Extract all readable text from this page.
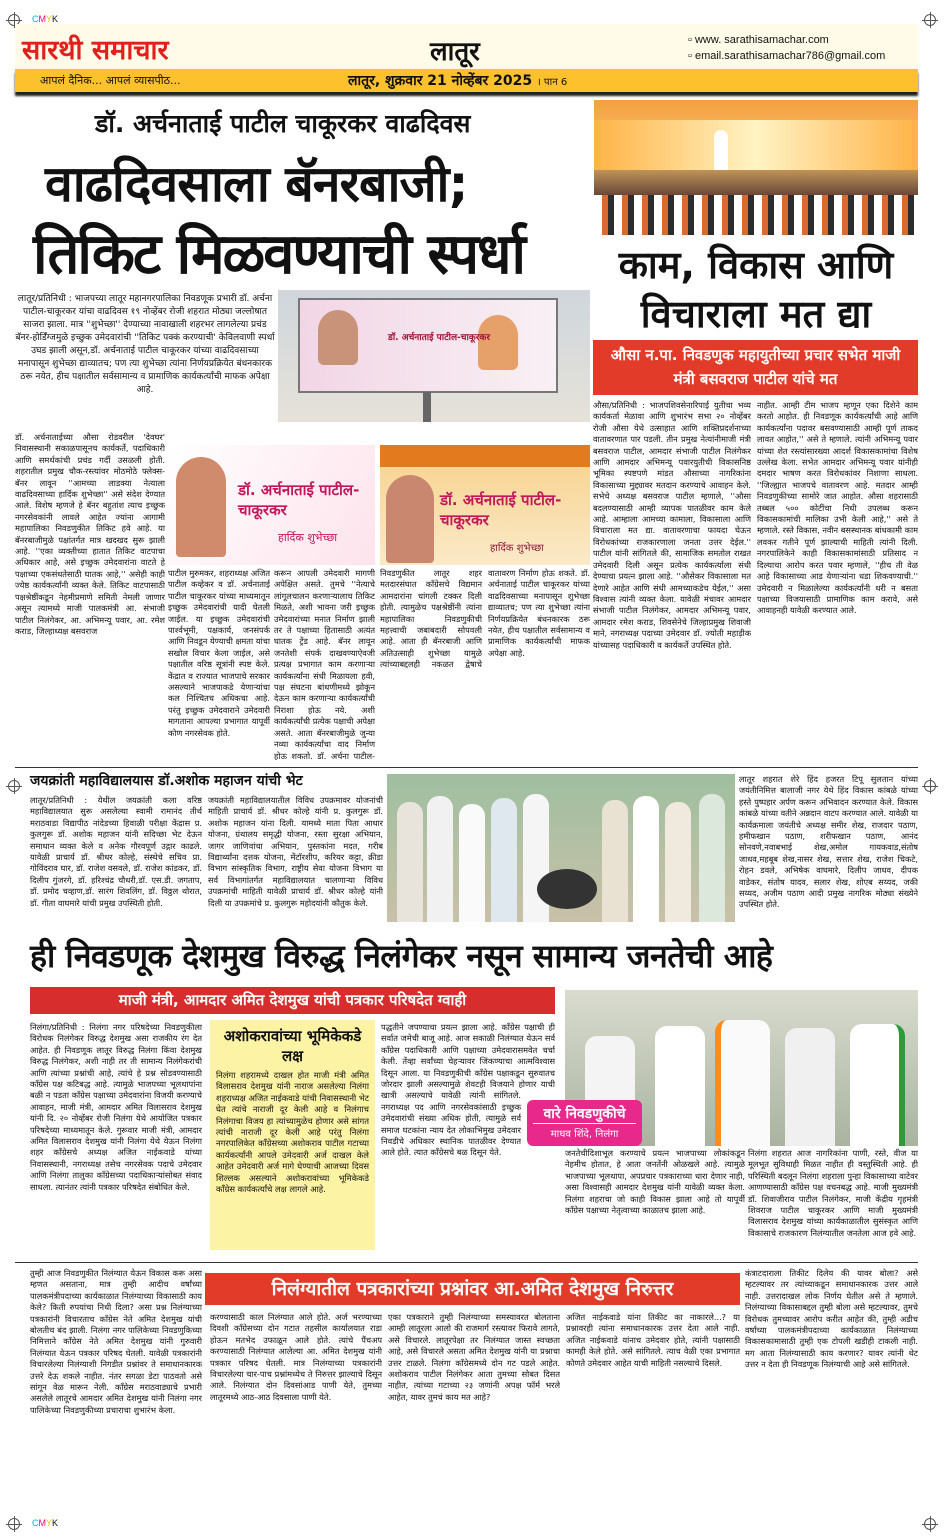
CMYK
CMYK
सारथी समाचार	लातूर	▫ www. sarathisamachar.com
▫ email.sarathisamachar786@gmail.com
आपलं दैनिक... आपलं व्यासपीठ...	लातूर, शुक्रवार 21 नोव्हेंबर 2025 । पान 6
डॉ. अर्चनाताई पाटील चाकूरकर वाढदिवस
वाढदिवसाला बॅनरबाजी;
तिकिट मिळवण्याची स्पर्धा
लातूर/प्रतिनिधी : भाजपच्या लातूर महानगरपालिका निवडणूक प्रभारी डॉ. अर्चना पाटील-चाकूरकर यांचा वाढदिवस १९ नोव्हेंबर रोजी शहरात मोठ्या जल्लोषात साजरा झाला. मात्र ''शुभेच्छा'' देण्याच्या नावाखाली शहरभर लागलेल्या प्रचंड बॅनर-होर्डिंग्जमुळे इच्छुक उमेदवारांची ''तिकिट पक्कं करण्याची' केविलवाणी स्पर्धा उघड झाली असून,डॉ. अर्चनाताई पाटील चाकूरकर यांच्या वाढदिवसाच्या मनापासून शुभेच्छा द्याव्यातच; पण त्या शुभेच्छा त्यांना निर्णयप्रक्रियेत बंधनकारक ठरू नयेत, हीच पक्षातील सर्वसामान्य व प्रामाणिक कार्यकर्त्यांची माफक अपेक्षा आहे.
डॉ. अर्चनाताई पाटील-चाकूरकर
डॉ. अर्चनाताई पाटील-चाकूरकर
हार्दिक शुभेच्छा
डॉ. अर्चनाताई पाटील-चाकूरकर
हार्दिक शुभेच्छा
डॉ. अर्चनाताईच्या औसा रोडवरील 'देवघर' निवासस्थानी सकाळपासूनच कार्यकर्ते, पदाधिकारी आणि समर्थकांची प्रचंड गर्दी उसळली होती. शहरातील प्रमुख चौक-रस्त्यांवर मोठमोठे फ्लेक्स-बॅनर लावून ''आमच्या लाडक्या नेत्याला वाढदिवसाच्या हार्दिक शुभेच्छा'' असे संदेश देण्यात आले. विशेष म्हणजे हे बॅनर बहुतांश त्याच इच्छुक नगरसेवकांनी लावले आहेत ज्यांना आगामी महापालिका निवडणुकीत तिकिट हवे आहे. या बॅनरबाजीमुळे पक्षांतर्गत मात्र खदखद सुरू झाली आहे. ''एका व्यक्तीच्या हातात तिकिट वाटपाचा अधिकार आहे, असे इच्छुक उमेदवारांना वाटते हे पक्षाच्या एकसंधतेसाठी घातक आहे,'' असेही काही ज्येष्ठ कार्यकर्त्यांनी व्यक्त केले. तिकिट वाटपासाठी पक्षश्रेष्ठींकडून नेहमीप्रमाणे समिती नेमली जाणार असून त्यामध्ये माजी पालकमंत्री आ. संभाजी पाटील निलंगेकर, आ. अभिमन्यू पवार, आ. रमेश कराड, जिल्हाध्यक्ष बसवराज
पाटील मुरुमकर, शहराध्यक्ष अजित पाटील कव्हेकर व डॉ. अर्चनाताई पाटील चाकूरकर यांच्या माध्यमातून इच्छुक उमेदवारांची यादी घेतली जाईल. या इच्छुक उमेदवारांची पार्श्वभूमी, पक्षकार्य, जनसंपर्क आणि निवडून येण्याची क्षमता यांचा सखोल विचार केला जाईल, असे पक्षातील वरिष्ठ सूत्रांनी स्पष्ट केले. केंद्रात व राज्यात भाजपाचे सरकार असल्याने भाजपाकडे येणाऱ्यांचा कल निश्चितच अधिकचा आहे. परंतु इच्छुक उमेदवाराने उमेदवारी मागताना आपल्या प्रभागात यापूर्वी कोण नगरसेवक होते.
करून आपली उमेदवारी मागणी अपेक्षित असते. तुमचे ''नेत्याचे लांगूलचालन करणाऱ्यालाच तिकिट मिळते, अशी भावना जरी इच्छुक उमेदवारांच्या मनात निर्माण झाली तर ते पक्षाच्या हितासाठी अत्यंत घातक ट्रेंड आहे. बॅनर लावून जनतेशी संपर्क दाखवण्याऐवजी प्रत्यक्ष प्रभागात काम करणाऱ्या कार्यकर्त्यांना संधी मिळायला हवी, पक्ष संघटना बांधणीमध्ये झोकून देऊन काम करणाऱ्या कार्यकर्त्यांची निराशा होऊ नये. अशी कार्यकर्त्यांची प्रत्येक पक्षाची अपेक्षा असते. आता बॅनरबाजीमुळे जुन्या नव्या कार्यकर्त्यांचा वाद निर्माण होऊ शकतो. डॉ. अर्चना पाटील-
निवडणुकीत लातूर शहर मतदारसंघात काँग्रेसचे विद्यमान आमदारांना चांगली टक्कर दिली होती. त्यामुळेच पक्षश्रेष्ठींनी त्यांना महापालिका निवडणुकीची महत्त्वाची जबाबदारी सोपवली आहे. आता ही बॅनरबाजी आणि अतिउत्साही शुभेच्छा यामुळे त्यांच्याबद्दलही नकळत द्वेषाचे वातावरण निर्माण होऊ शकते. डॉ. अर्चनाताई पाटील चाकूरकर यांच्या वाढदिवसाच्या मनापासून शुभेच्छा द्याव्यातच; पण त्या शुभेच्छा त्यांना निर्णयप्रक्रियेत बंधनकारक ठरू नयेत, हीच पक्षातील सर्वसामान्य व प्रामाणिक कार्यकर्त्यांची माफक अपेक्षा आहे.
काम, विकास आणि
विचाराला मत द्या
औसा न.पा. निवडणुक महायुतीच्या प्रचार सभेत माजी मंत्री बसवराज पाटील यांचे मत
औसा/प्रतिनिधी : भाजपशिवसेनारिपाई युतीचा भव्य कार्यकर्ता मेळावा आणि शुभारंभ सभा २० नोव्हेंबर रोजी औसा येथे उत्साहात आणि शक्तिप्रदर्शनाच्या वातावरणात पार पडली. तीन प्रमुख नेत्यांनीमाजी मंत्री बसवराज पाटील, आमदार संभाजी पाटील निलंगेकर आणि आमदार अभिमन्यू पवारयुतीची विकासनिष्ठ भूमिका स्पष्टपणे मांडत औसाच्या नागरिकांना विकासाच्या मुद्द्यावर मतदान करण्याचे आवाहन केले. सभेचे अध्यक्ष बसवराज पाटील म्हणाले, ''औसा बदलण्यासाठी आम्ही व्यापक पातळीवर काम केले आहे. आम्हाला आमच्या कामाला, विकासाला आणि विचाराला मत द्या. वातावरणाचा फायदा घेऊन विरोधकांच्या राजकारणाला जनता उत्तर देईल.'' पाटील यांनी सांगितले की, सामाजिक समतोल राखत उमेदवारी दिली असून प्रत्येक कार्यकर्त्याला संधी देण्याचा प्रयत्न झाला आहे. ''औसेकर विकासाला मत देणारे आहेत आणि संधी आमच्याकडेच येईल,'' असा विश्वास त्यांनी व्यक्त केला. यावेळी मंचावर आमदार संभाजी पाटील निलंगेकर, आमदार अभिमन्यू पवार, आमदार रमेश कराड, शिवसेनेचे जिल्हाप्रमुख शिवाजी माने, नगराध्यक्ष पदाच्या उमेदवार डॉ. ज्योती महाड़ीक यांच्यासह पदाधिकारी व कार्यकर्ते उपस्थित होते.
नाहीत. आम्ही टीम भाजप म्हणून एका दिशेने काम करतो आहोत. ही निवडणूक कार्यकर्त्यांची आहे आणि कार्यकर्त्यांना पदावर बसवण्यासाठी आम्ही पूर्ण ताकद लावत आहोत,'' असे ते म्हणाले. त्यांनी अभिमन्यू पवार यांच्या शेत रस्त्यांसारख्या आदर्श विकासकामांचा विशेष उल्लेख केला. सभेत आमदार अभिमन्यू पवार यांनीही दमदार भाषण करत विरोधकांवर निशाणा साधला. ''जिल्ह्यात भाजपचे वातावरण आहे. मतदार आम्ही निवडणुकीच्या सामोरे जात आहोत. औसा शहरासाठी तब्बल ५०० कोटींचा निधी उपलब्ध करून विकासकामांची मालिका उभी केली आहे,'' असे ते म्हणाले. रस्ते विकास, नवीन बसस्थानक बांधकामी काम लवकर गतीने पूर्ण झाल्याची माहिती त्यांनी दिली. नगरपालिकेने काही विकासकामांसाठी प्रतिसाद न दिल्याचा आरोप करत पवार म्हणाले, ''हीच ती वेळ आहे विकासाच्या आड येणाऱ्यांना धडा शिकवण्याची.'' उमेदवारी न मिळालेल्या कार्यकर्त्यांनी धरी न बसता पक्षाच्या विजयासाठी प्रामाणिक काम करावे, असे आवाहनही यावेळी करण्यात आले.
जयक्रांती महाविद्यालयास डॉ.अशोक महाजन यांची भेट
लातूर/प्रतिनिधी : येथील जयक्रांती कला वरिष्ठ महाविद्यालयात सुरू असलेल्या स्वामी रामानंद तीर्थ मराठवाडा विद्यापीठ नांदेडच्या हिवाळी परीक्षा केंद्रास प्र. कुलगुरू डॉ. अशोक महाजन यांनी सदिच्छा भेट देऊन समाधान व्यक्त केले व अनेक गौरवपूर्ण उद्गार काढले. यावेळी प्राचार्य डॉ. श्रीधर कोल्हे, संस्थेचे सचिव प्रा. गोविंदराव घार, डॉ. राजेश वसवले, डॉ. राजेश कांडकर, डॉ. दिलीप गुंजरगे, डॉ. हरिश्चंद्र चौधरी,डॉ. एस.डी. जगताप, डॉ. प्रमोद चव्हाण,डॉ. सारंग शिवलिंग, डॉ. विठ्ठल थोरात, डॉ. गीता वाघमारे यांची प्रमुख उपस्थिती होती.
जयक्रांती महाविद्यालयातील विविध उपक्रमावर योजनांची माहिती प्राचार्य डॉ. श्रीधर कोल्हे यांनी प्र. कुलगुरू डॉ. अशोक महाजन यांना दिली. यामध्ये माता पिता आधार योजना, ग्रंथालय समृद्धी योजना, रस्ता सुरक्षा अभियान, जागर जाणिवांचा अभियान, पुस्तकांना मदत, गरीब विद्यार्थ्यांना दत्तक योजना, मेंटॉरशीप, करियर कट्टा, क्रीडा विभाग सांस्कृतिक विभाग, राष्ट्रीय सेवा योजना विभाग या सर्व विभागांतर्गत महाविद्यालयात चालणाऱ्या विविध उपक्रमांची माहिती यावेळी प्राचार्य डॉ. श्रीधर कोल्हे यांनी दिली या उपक्रमांचे प्र. कुलगुरू महोदयांनी कौतुक केले.
लातूर शहरात शेरे हिंद हजरत टिपू सुलतान यांच्या जयंतीनिमित्त बालाजी नगर येथे हिंद विकास कांबळे यांच्या हस्ते पुष्पहार अर्पण करून अभिवादन करण्यात केले. विकास कांबळे यांच्या वतीने अन्नदान वाटप करण्यात आले. यावेळी या कार्यक्रमाला जयंतीचे अध्यक्ष समीर शेख, राजदार पठाण, हमीफखान पठाण, शरीफखान पठाण, आनंद सोनवणे,नवाबभाई शेख,अमोल गायकवाड,संतोष जाधव,महबूब शेख,नासर शेख, सत्तार शेख, राजेश चिकटे, रोहन डवले, अभिषेक वाघमारे, दिलीप जाधव, दीपक वाडेकर, संतोष यादव, सलार शेख, शोएब सय्यद, जकी सय्यद, अजीम पठाण आदी प्रमुख नागरिक मोठ्या संख्येने उपस्थित होते.
ही निवडणूक देशमुख विरुद्ध निलंगेकर नसून सामान्य जनतेची आहे
माजी मंत्री, आमदार अमित देशमुख यांची पत्रकार परिषदेत ग्वाही
निलंगा/प्रतिनिधी : निलंगा नगर परिषदेच्या निवडणुकीला विरोधक निलंगेकर विरुद्ध देशमुख असा राजकीय रंग देत आहेत. ही निवडणूक लातूर विरुद्ध निलंगा किंवा देशमुख विरुद्ध निलंगेकर, अशी नाही तर ती सामान्य निलंगेकरांची आणि त्यांच्या प्रश्नांची आहे, त्यांचे हे प्रश्न सोडवण्यासाठी काँग्रेस पक्ष कटिबद्ध आहे. त्यामुळे भाजपच्या भूलथापांना बळी न पडता काँग्रेस पक्षाच्या उमेदवारांना विजयी करण्याचे आवाहन, माजी मंत्री, आमदार अमित विलासराव देशमुख यांनी दि. २० नोव्हेंबर रोजी निलंगा येथे आयोजित पत्रकार परिषदेच्या माध्यमातून केले. गुरूवार माजी मंत्री, आमदार अमित विलासराव देशमुख यांनी निलंगा येथे येऊन निलंगा शहर काँग्रेसचे अध्यक्ष अजित नाईकवाडे यांच्या निवासस्थानी, नगराध्यक्ष तसेच नगरसेवक पदाचे उमेदवार आणि निलंगा तालुका काँग्रेसच्या पदाधिकाऱ्यांसोबत संवाद साधला. त्यानंतर त्यांनी पत्रकार परिषदेत संबोधित केले.
अशोकरावांच्या भूमिकेकडे लक्ष
निलंगा शहरामध्ये दाखल होत माजी मंत्री अमित विलासराव देशमुख यांनी नाराज असलेल्या निलंगा शहराध्यक्ष अजित नाईकवाडे यांची निवासस्थानी भेट घेत त्यांचे नाराजी दूर केली आहे व निलंगाच निलंगाचा विजय हा त्यांच्यामुळेच होणार असे सांगत त्यांची नाराजी दूर केली आहे परंतु निलंगा नगरपालिकेत काँग्रेसच्या अशोकराव पाटील गटाच्या कार्यकर्त्यांनी आपले उमेदवारी अर्ज दाखल केले आहेत उमेदवारी अर्ज मागे घेण्याची आजच्या दिवस शिल्लक असल्याने अशोकरावांच्या भूमिकेकडे काँग्रेस कार्यकर्त्यांचे लक्ष लागले आहे.
पद्धतीने जपण्याचा प्रयत्न झाला आहे. काँग्रेस पक्षाची ही सर्वात जमेची बाजू आहे. आज सकाळी निलंग्यात येऊन सर्व काँग्रेस पदाधिकारी आणि पक्षाच्या उमेदवारासमवेत चर्चा केली. तेंव्हा सर्वांच्या चेहऱ्यावर जिंकण्याचा आत्मविश्वास दिसून आला. या निवडणुकीची काँग्रेस पक्षाकडून सुरुवातच जोरदार झाली असल्यामुळे शेवटही विजयाने होणार याची खात्री असल्याचे यावेळी त्यांनी सांगितले. नगराध्यक्ष पद आणि नगरसेवकांसाठी इच्छुक उमेदवारांची संख्या अधिक होती, त्यामुळे सर्व समाज घटकांना न्याय देत लोकाभिमुख उमेदवार निवडीचे अधिकार स्थानिक पातळीवर देण्यात आले होते. त्यात काँग्रेसचे बळ दिसून येते.
वारे निवडणुकीचे
माधव शिंदे, निलंगा
जनतेचीदिशाभूल करण्याचे प्रयत्न भाजपाच्या लोकांकडून नेहमीच होतात, हे आता जनतेंनी ओळखले आहे. त्यामुळे भाजपाच्या भूलथापा, अपप्रचार पत्रकाराच्या धारा देणार नाही, असा विश्वासही आमदार देशमुख यांनी यावेळी व्यक्त केला. निलंगा शहराचा जो काही विकास झाला आहे तो यापूर्वी काँग्रेस पक्षाच्या नेतृत्वाच्या काळातच झाला आहे.
निलंगा शहरात आज नागरिकांना पाणी, रस्ते, वीज या मूलभूत सुविधाही मिळत नाहीत ही वस्तुस्थिती आहे. ही परिस्थिती बदलून निलंगा शहराला पुन्हा विकासाच्या वाटेवर आणण्यासाठी काँग्रेस पक्ष वचनबद्ध आहे. माजी मुख्यमंत्री डॉ. शिवाजीराव पाटील निलंगेकर, माजी केंद्रीय गृहमंत्री शिवराज पाटील चाकूरकर आणि माजी मुख्यमंत्री विलासराव देशमुख यांच्या कार्यकाळातील सुसंस्कृत आणि विकासाचे राजकारण निलंग्यातील जनतेला आज हवे आहे.
तुम्ही आज निवडणुकीत निलंग्यात येऊन विकास करू असा म्हणत असताना, मात्र तुम्ही आदीच वर्षांच्या पालकमंत्रीपदाच्या कार्यकाळात निलंग्याच्या विकासाठी काय केले? किती रुपयांचा निधी दिला? असा प्रश्न निलंग्याच्या पत्रकारांनी विचारताच काँग्रेस नेते अमित देशमुख यांची बोलतीच बंद झाली. निलंगा नगर पालिकेच्या निवडणुकिच्या निमित्ताने काँग्रेस नेते अमित देशमुख यांनी गुरुवारी निलंग्यात येऊन पत्रकार परिषद घेतली. यावेळी पत्रकारांनी विचारलेल्या निलंग्याशी निगडीत प्रश्नांवर ते समाधानकारक उत्तरे देऊ शकले नाहीत. नंतर सगळा डेटा पाठवतो असे सांगून वेळ मारून नेली. काँग्रेस मराठवाड्याचे प्रभारी असलेले लातूरचे आमदार अमित देशमुख यांनी निलंगा नगर पालिकेच्या निवडणुकीच्या प्रचाराचा शुभारंभ केला.
निलंग्यातील पत्रकारांच्या प्रश्नांवर आ.अमित देशमुख निरुत्तर
करण्यासाठी काल निलंग्यात आले होते. अर्ज भरण्याच्या दिवशी काँग्रेसच्या दोन गटात तहसील कार्यालयात राडा होऊन मतभेद उफाळून आले होते. त्यांचे पैंचअप करण्यासाठी निलंग्यात आलेल्या आ. अमित देशमुख यांनी पत्रकार परिषद घेतली. मात्र निलंग्याच्या पत्रकारांनी विचारलेल्या चार-पाच प्रश्नांमध्येच ते निरुत्तर झाल्याचे दिसून आले. निलंग्यात दोन दिवसांआड पाणी येते, तुमच्या लातूरमध्ये आठ-आठ दिवसाला पाणी येते.
एका पत्रकाराने तुम्ही निलंग्याच्या समस्यावरत बोलताना आम्ही लातूरला आलो की राजमार्ग रस्त्यावर फिरावे लागते, असे विचारले. लातूरपेक्षा तर निलंग्यात जास्त स्वच्छता आहे, असे विचारले असता अमित देशमुख यांनी या प्रश्नाचा उत्तर टाळले. निलंगा काँग्रेसमध्ये दोन गट पडले आहेत. अशोकराव पाटील निलंगेकर आता तुमच्या सोबत दिसत नाहीत, त्यांच्या गटाच्या २३ जणांनी अपक्ष फॉर्म भरले आहेत, यावर तुमचं काय मत आहे?
अजित नाईकवाडे यांना तिकीट का नाकारले...? या प्रश्नावरही त्यांना समाधानकारक उत्तर देता आले नाही. अजित नाईकवाडे यांनाच उमेदवार होते, त्यांनी पक्षासाठी कामही केले होते. असे सांगितले. त्याच वेळी एका प्रभागात कोणते उमेदवार आहेत याची माहिती नसल्याचे दिसले.
कंत्राटदाराला तिकीट दिलेय की यावर बोला? असे म्हटल्यावर तर त्यांच्याकडून समाधानकारक उत्तर आले नाही. उत्तरादाखल लोक निर्णय घेतील असे ते म्हणाले. निलंग्याच्या विकासाबद्दल तुम्ही बोला असे म्हटल्यावर, तुमचे विरोधक तुमच्यावर आरोप करीत आहेत की, तुम्ही अडीच वर्षांच्या पालकमंत्रीपदाच्या कार्यकाळात निलंग्याच्या विकासकामासाठी तुम्ही एक टोपली खडीही टाकली नाही. मग आता निलंग्यासाठी काय करणार? यावर त्यांनी थेट उत्तर न देता ही निवडणूक निलंग्याची आहे असे सांगितले.
